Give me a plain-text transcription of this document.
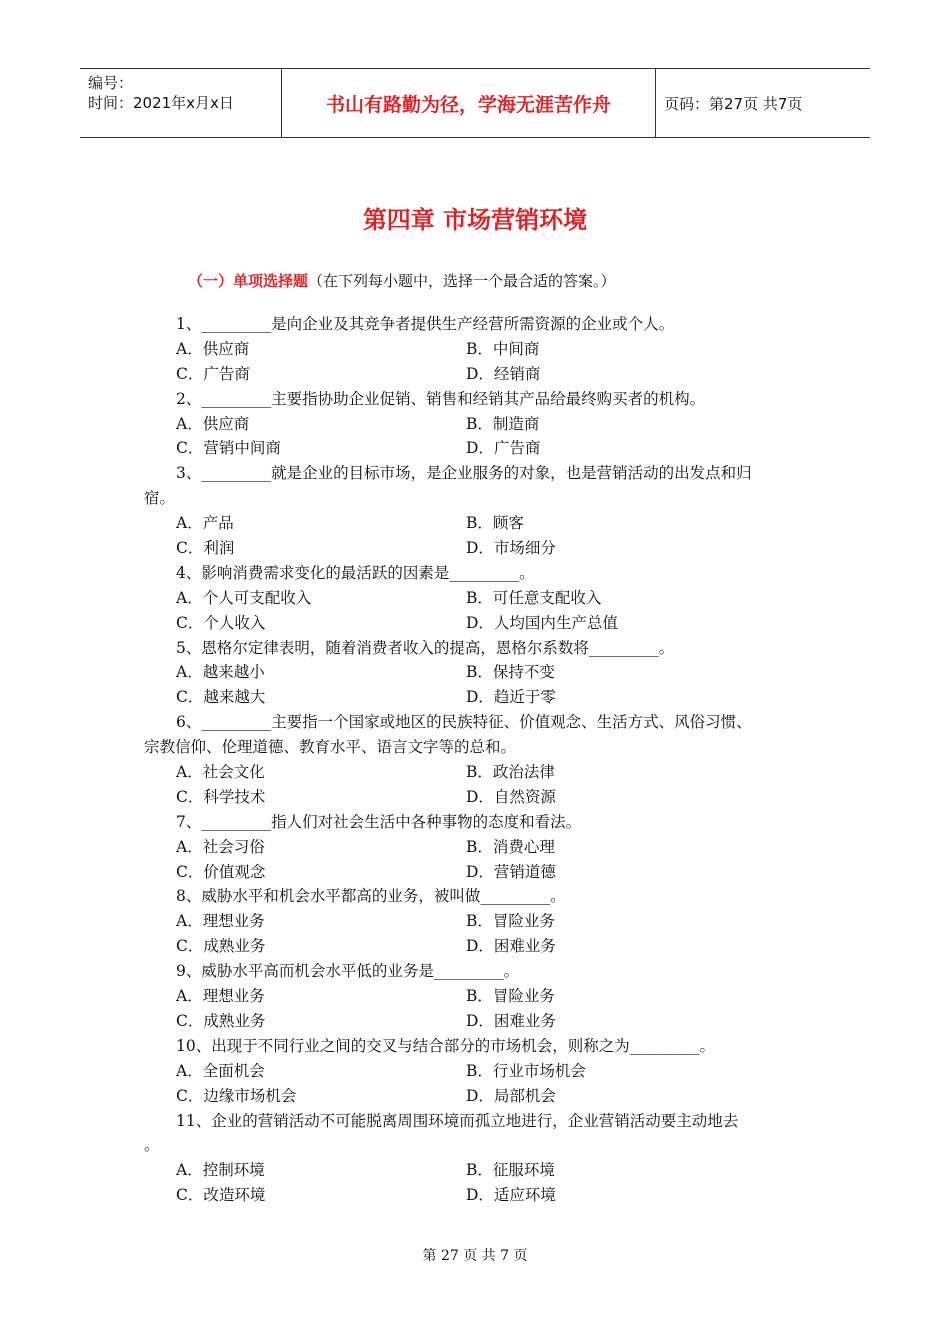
编号：
时间：2021年x月x日	书山有路勤为径，学海无涯苦作舟	页码：第27页 共7页
第四章 市场营销环境
（一）单项选择题（在下列每小题中，选择一个最合适的答案。）
1、_________是向企业及其竞争者提供生产经营所需资源的企业或个人。
A．供应商	B．中间商
C．广告商	D．经销商
2、_________主要指协助企业促销、销售和经销其产品给最终购买者的机构。
A．供应商	B．制造商
C．营销中间商	D．广告商
3、_________就是企业的目标市场，是企业服务的对象，也是营销活动的出发点和归
宿。
A．产品	B．顾客
C．利润	D．市场细分
4、影响消费需求变化的最活跃的因素是_________。
A．个人可支配收入	B．可任意支配收入
C．个人收入	D．人均国内生产总值
5、恩格尔定律表明，随着消费者收入的提高，恩格尔系数将_________。
A．越来越小	B．保持不变
C．越来越大	D．趋近于零
6、_________主要指一个国家或地区的民族特征、价值观念、生活方式、风俗习惯、
宗教信仰、伦理道德、教育水平、语言文字等的总和。
A．社会文化	B．政治法律
C．科学技术	D．自然资源
7、_________指人们对社会生活中各种事物的态度和看法。
A．社会习俗	B．消费心理
C．价值观念	D．营销道德
8、威胁水平和机会水平都高的业务，被叫做_________。
A．理想业务	B．冒险业务
C．成熟业务	D．困难业务
9、威胁水平高而机会水平低的业务是_________。
A．理想业务	B．冒险业务
C．成熟业务	D．困难业务
10、出现于不同行业之间的交叉与结合部分的市场机会，则称之为_________。
A．全面机会	B．行业市场机会
C．边缘市场机会	D．局部机会
11、企业的营销活动不可能脱离周围环境而孤立地进行，企业营销活动要主动地去
。
A．控制环境	B．征服环境
C．改造环境	D．适应环境
第 27 页 共 7 页
